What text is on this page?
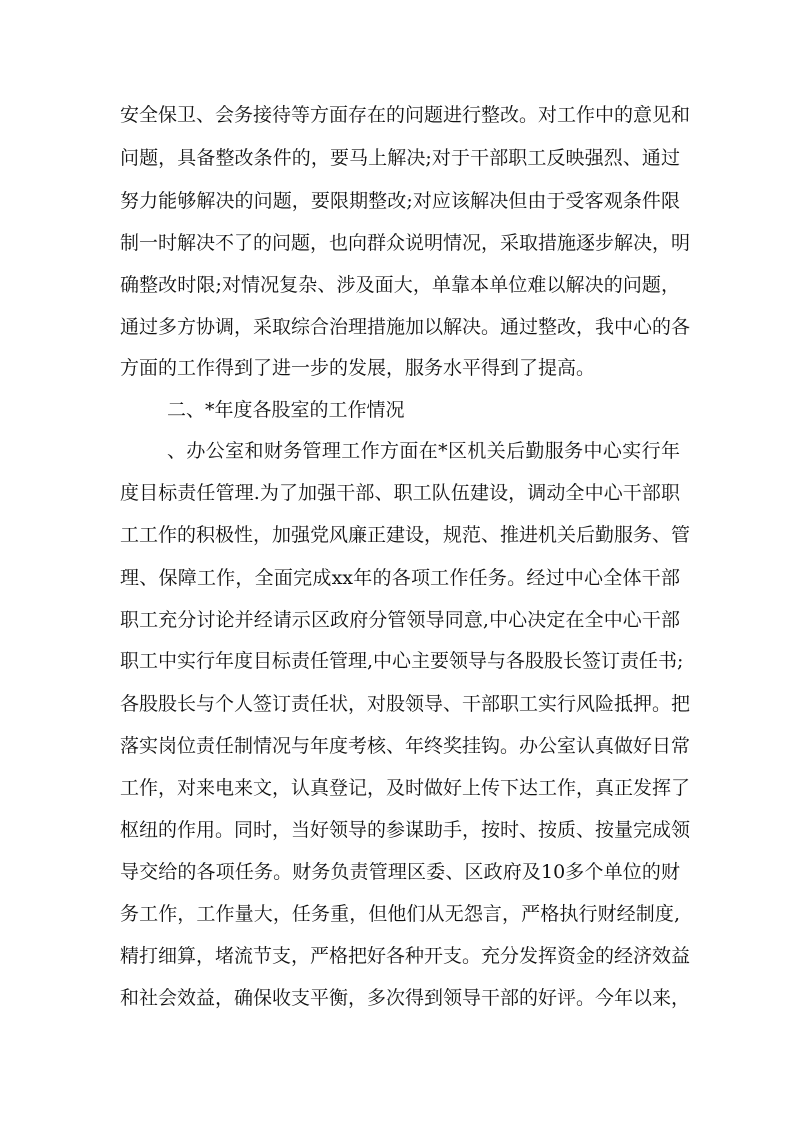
安全保卫、会务接待等方面存在的问题进行整改。对工作中的意见和
问题，具备整改条件的，要马上解决;对于干部职工反映强烈、通过
努力能够解决的问题，要限期整改;对应该解决但由于受客观条件限
制一时解决不了的问题，也向群众说明情况，采取措施逐步解决，明
确整改时限;对情况复杂、涉及面大，单靠本单位难以解决的问题，
通过多方协调，采取综合治理措施加以解决。通过整改，我中心的各
方面的工作得到了进一步的发展，服务水平得到了提高。
二、*年度各股室的工作情况
、办公室和财务管理工作方面在*区机关后勤服务中心实行年
度目标责任管理.为了加强干部、职工队伍建设，调动全中心干部职
工工作的积极性，加强党风廉正建设，规范、推进机关后勤服务、管
理、保障工作，全面完成xx年的各项工作任务。经过中心全体干部
职工充分讨论并经请示区政府分管领导同意,中心决定在全中心干部
职工中实行年度目标责任管理,中心主要领导与各股股长签订责任书;
各股股长与个人签订责任状，对股领导、干部职工实行风险抵押。把
落实岗位责任制情况与年度考核、年终奖挂钩。办公室认真做好日常
工作，对来电来文，认真登记，及时做好上传下达工作，真正发挥了
枢纽的作用。同时，当好领导的参谋助手，按时、按质、按量完成领
导交给的各项任务。财务负责管理区委、区政府及10多个单位的财
务工作，工作量大，任务重，但他们从无怨言，严格执行财经制度,
精打细算，堵流节支，严格把好各种开支。充分发挥资金的经济效益
和社会效益，确保收支平衡，多次得到领导干部的好评。今年以来，
